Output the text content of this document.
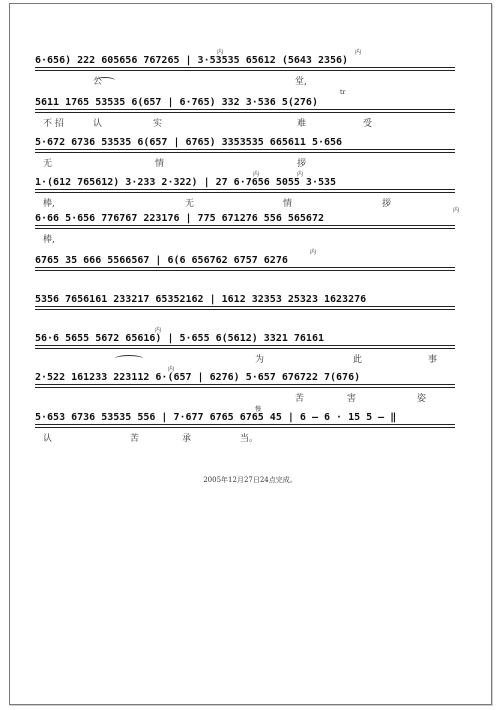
6·656) 222 605656 767265 | 3·53535 65612 (5643 2356)
内	内
公	堂,
5611 1765 53535 6(657 | 6·765) 332 3·536 5(276)
tr
不 招	认	实	难	受
5·672 6736 53535 6(657 | 6765) 3353535 665611 5·656
无	情	拶
1·(612 765612) 3·233 2·322) | 27 6·7656 5055 3·535
内	内
棒,	无	情	拶
6·66 5·656 776767 223176 | 775 671276 556 565672
内
棒,
6765 35 666 5566567 | 6(6 656762 6757 6276
内
5356 7656161 233217 65352162 | 1612 32353 25323 1623276
56·6 5655 5672 65616) | 5·655 6(5612) 3321 76161
内
为	此	事
2·522 161233 223112 6·(657 | 6276) 5·657 676722 7(676)
内
苦	害	姿
5·653 6736 53535 556 | 7·677 6765 6765 45 | 6 – 6 · 15 5 – ‖
慢
认	苦	承	当。
2005年12月27日24点完成。
